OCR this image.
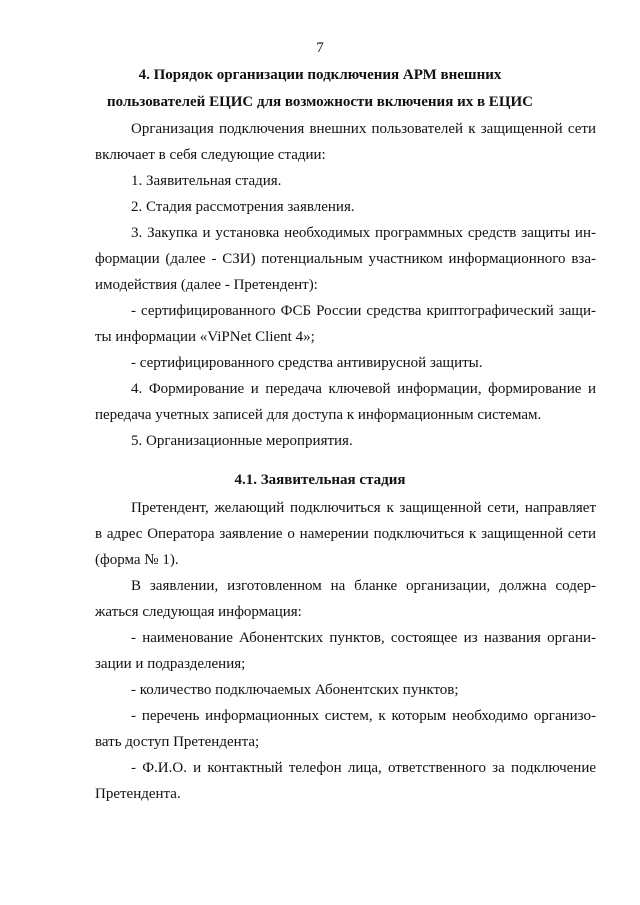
7
4. Порядок организации подключения АРМ внешних
пользователей ЕЦИС для возможности включения их в ЕЦИС
Организация подключения внешних пользователей к защищенной сети
включает в себя следующие стадии:
1. Заявительная стадия.
2. Стадия рассмотрения заявления.
3. Закупка и установка необходимых программных средств защиты ин-
формации (далее - СЗИ) потенциальным участником информационного вза-
имодействия (далее - Претендент):
- сертифицированного ФСБ России средства криптографический защи-
ты информации «ViPNet Client 4»;
- сертифицированного средства антивирусной защиты.
4. Формирование и передача ключевой информации, формирование и
передача учетных записей для доступа к информационным системам.
5. Организационные мероприятия.
4.1. Заявительная стадия
Претендент, желающий подключиться к защищенной сети, направляет
в адрес Оператора заявление о намерении подключиться к защищенной сети
(форма № 1).
В заявлении, изготовленном на бланке организации, должна содер-
жаться следующая информация:
- наименование Абонентских пунктов, состоящее из названия органи-
зации и подразделения;
- количество подключаемых Абонентских пунктов;
- перечень информационных систем, к которым необходимо организо-
вать доступ Претендента;
- Ф.И.О. и контактный телефон лица, ответственного за подключение
Претендента.
